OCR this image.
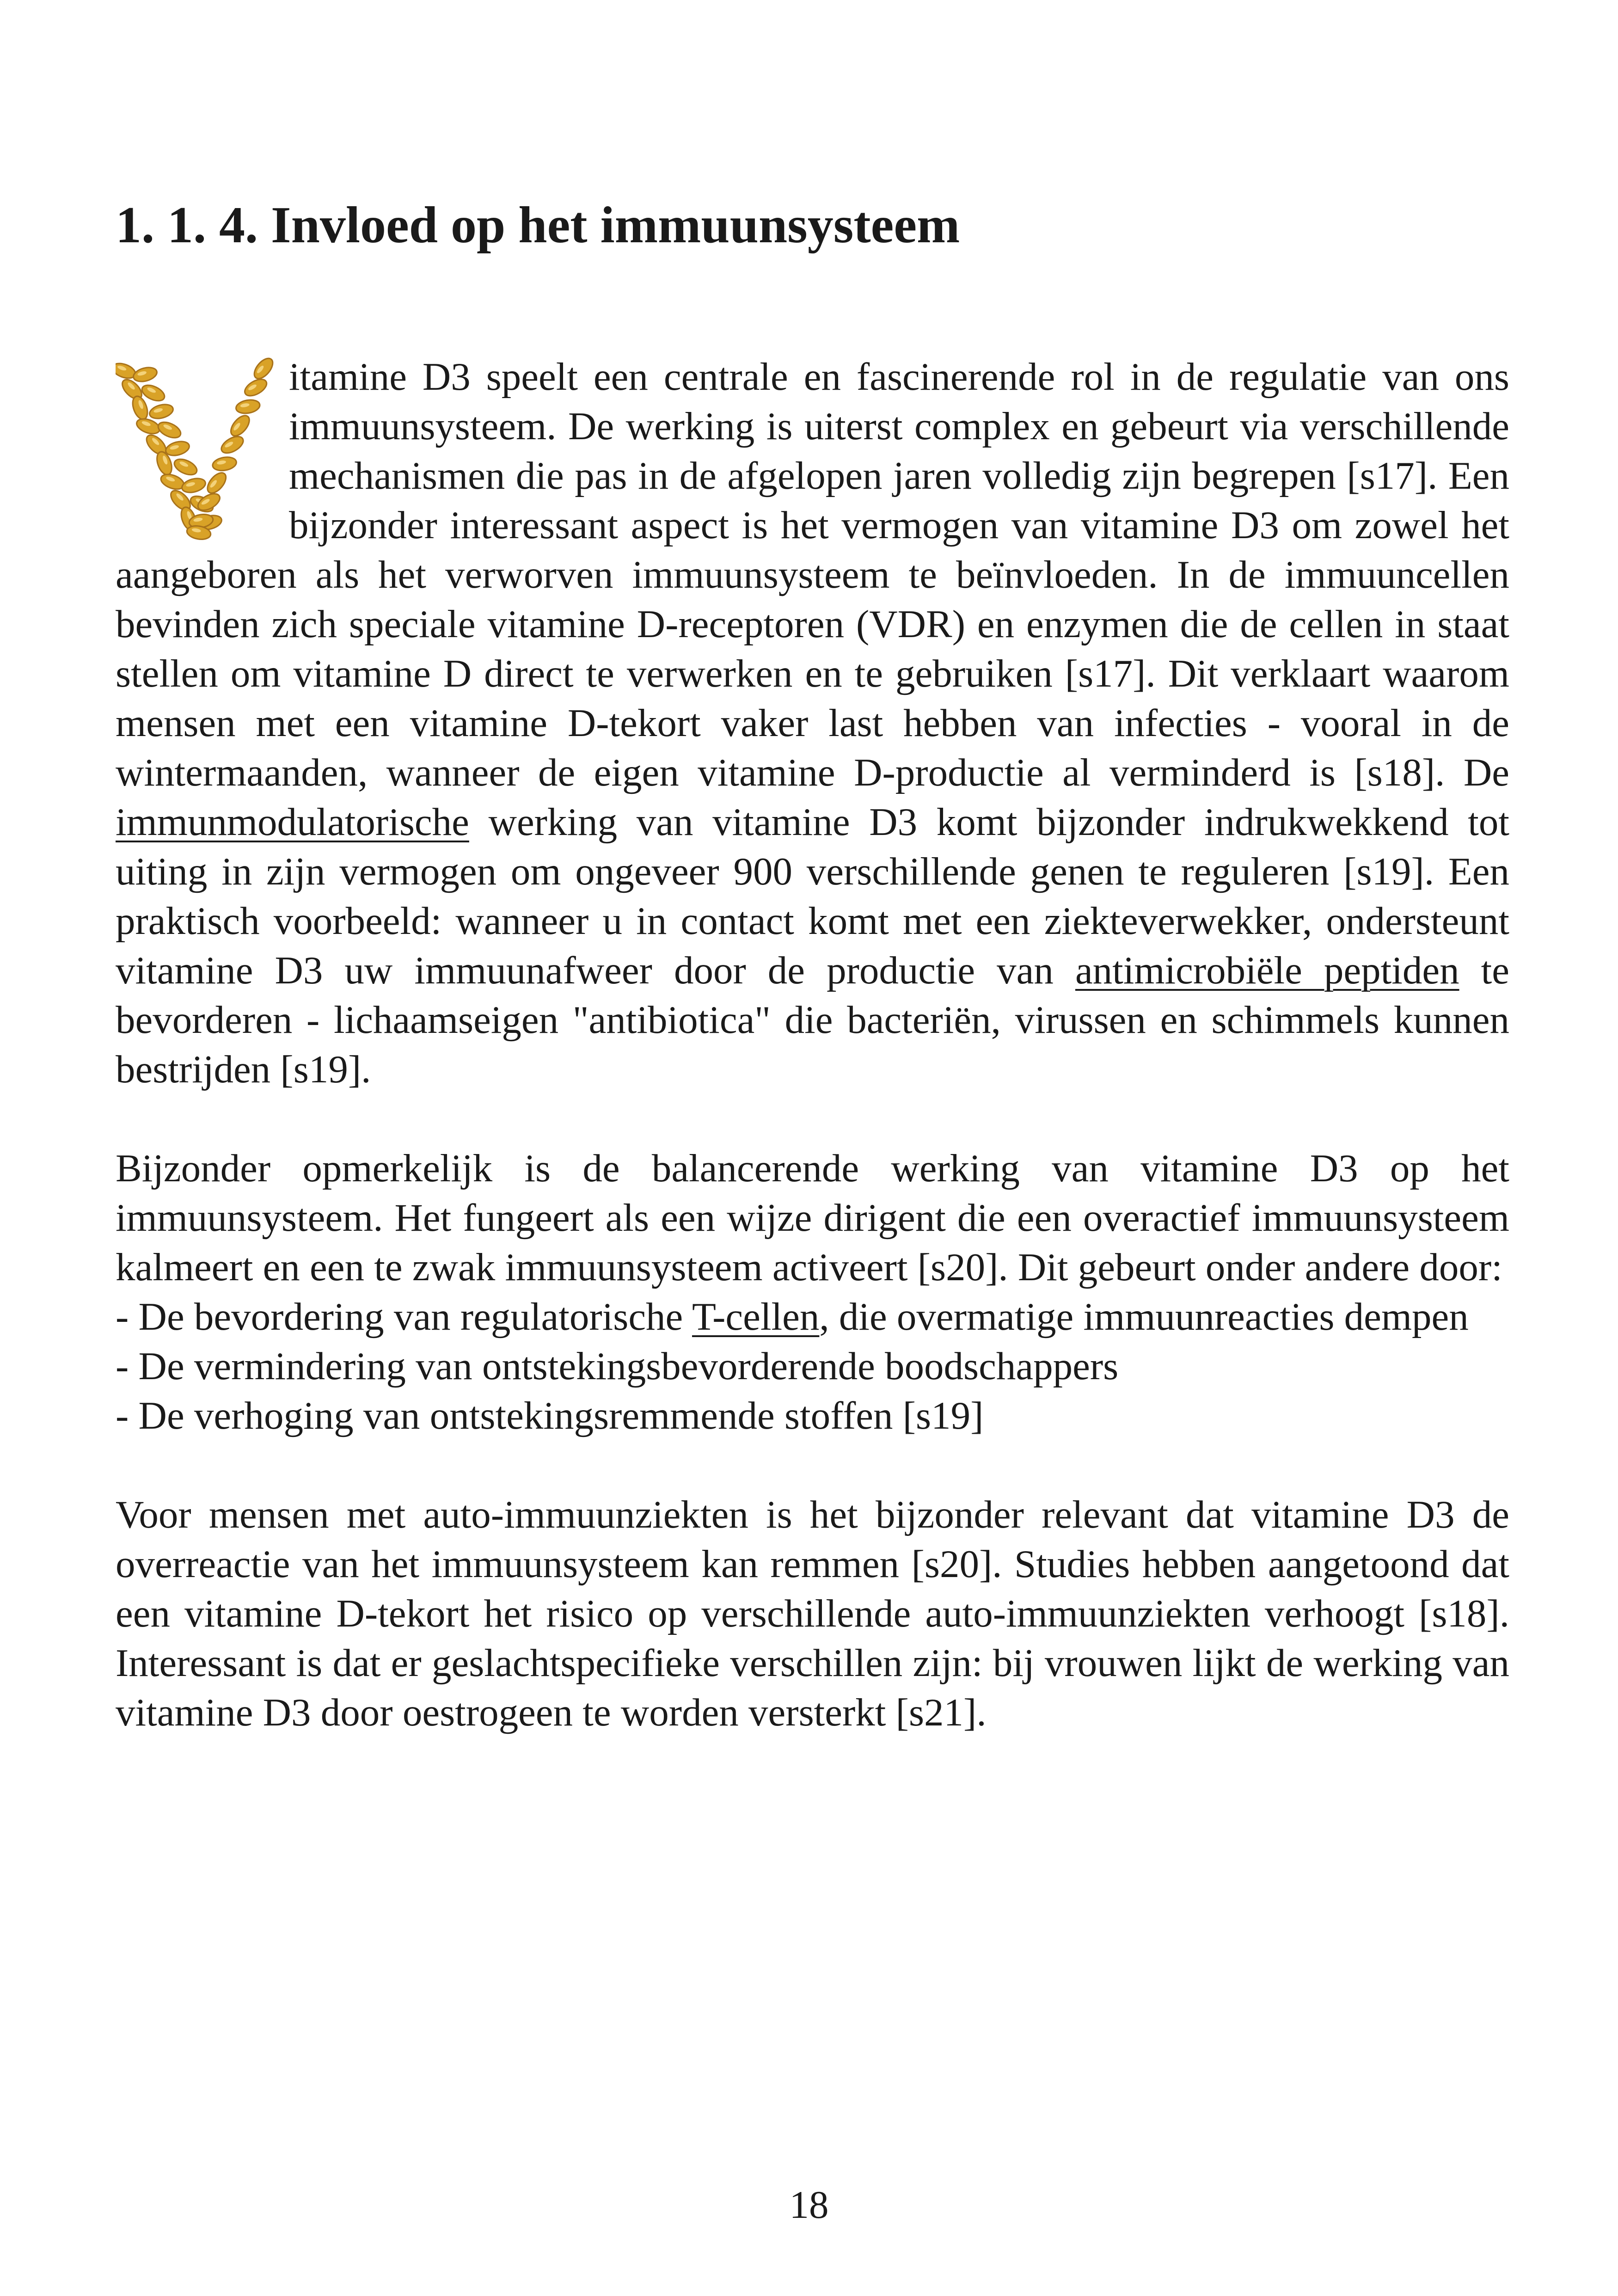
1. 1. 4. Invloed op het immuunsysteem

itamine D3 speelt een centrale en fascinerende rol in de regulatie van ons immuunsysteem. De werking is uiterst complex en gebeurt via verschillende mechanismen die pas in de afgelopen jaren volledig zijn begrepen [s17]. Een bijzonder interessant aspect is het vermogen van vitamine D3 om zowel het aangeboren als het verworven immuunsysteem te beïnvloeden. In de immuuncellen bevinden zich speciale vitamine D-receptoren (VDR) en enzymen die de cellen in staat stellen om vitamine D direct te verwerken en te gebruiken [s17]. Dit verklaart waarom mensen met een vitamine D-tekort vaker last hebben van infecties - vooral in de wintermaanden, wanneer de eigen vitamine D-productie al verminderd is [s18]. De immunmodulatorische werking van vitamine D3 komt bijzonder indrukwekkend tot uiting in zijn vermogen om ongeveer 900 verschillende genen te reguleren [s19]. Een praktisch voorbeeld: wanneer u in contact komt met een ziekteverwekker, ondersteunt vitamine D3 uw immuunafweer door de productie van antimicrobiële peptiden te bevorderen - lichaamseigen "antibiotica" die bacteriën, virussen en schimmels kunnen bestrijden [s19].

Bijzonder opmerkelijk is de balancerende werking van vitamine D3 op het immuunsysteem. Het fungeert als een wijze dirigent die een overactief immuunsysteem kalmeert en een te zwak immuunsysteem activeert [s20]. Dit gebeurt onder andere door:

- De bevordering van regulatorische T-cellen, die overmatige immuunreacties dempen

- De vermindering van ontstekingsbevorderende boodschappers

- De verhoging van ontstekingsremmende stoffen [s19]

Voor mensen met auto-immuunziekten is het bijzonder relevant dat vitamine D3 de overreactie van het immuunsysteem kan remmen [s20]. Studies hebben aangetoond dat een vitamine D-tekort het risico op verschillende auto-immuunziekten verhoogt [s18]. Interessant is dat er geslachtspecifieke verschillen zijn: bij vrouwen lijkt de werking van vitamine D3 door oestrogeen te worden versterkt [s21].

18
